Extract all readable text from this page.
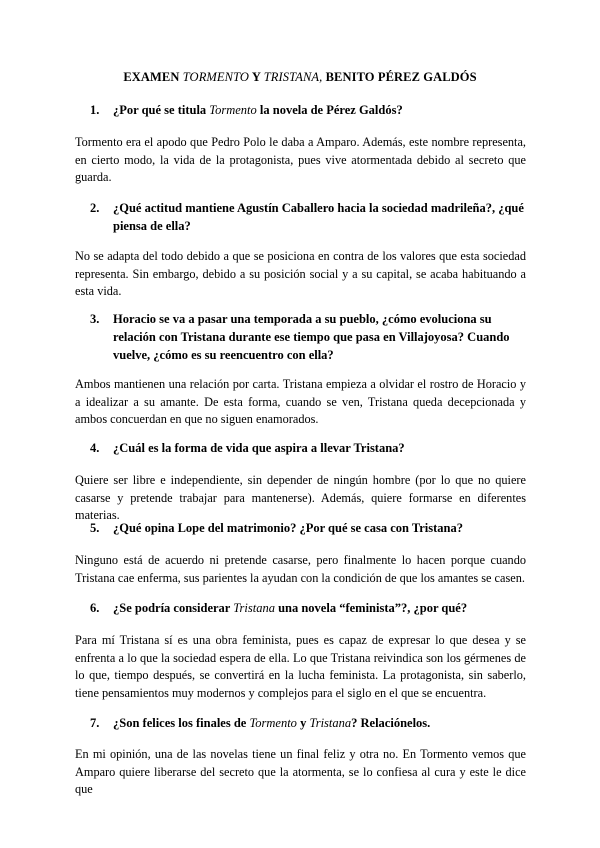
EXAMEN TORMENTO Y TRISTANA, BENITO PÉREZ GALDÓS
1.	¿Por qué se titula Tormento la novela de Pérez Galdós?
Tormento era el apodo que Pedro Polo le daba a Amparo. Además, este nombre representa, en cierto modo, la vida de la protagonista, pues vive atormentada debido al secreto que guarda.
2.	¿Qué actitud mantiene Agustín Caballero hacia la sociedad madrileña?, ¿qué piensa de ella?
No se adapta del todo debido a que se posiciona en contra de los valores que esta sociedad representa. Sin embargo, debido a su posición social y a su capital, se acaba habituando a esta vida.
3.	Horacio se va a pasar una temporada a su pueblo, ¿cómo evoluciona su relación con Tristana durante ese tiempo que pasa en Villajoyosa? Cuando vuelve, ¿cómo es su reencuentro con ella?
Ambos mantienen una relación por carta. Tristana empieza a olvidar el rostro de Horacio y a idealizar a su amante. De esta forma, cuando se ven, Tristana queda decepcionada y ambos concuerdan en que no siguen enamorados.
4.	¿Cuál es la forma de vida que aspira a llevar Tristana?
Quiere ser libre e independiente, sin depender de ningún hombre (por lo que no quiere casarse y pretende trabajar para mantenerse). Además, quiere formarse en diferentes materias.
5.	¿Qué opina Lope del matrimonio? ¿Por qué se casa con Tristana?
Ninguno está de acuerdo ni pretende casarse, pero finalmente lo hacen porque cuando Tristana cae enferma, sus parientes la ayudan con la condición de que los amantes se casen.
6.	¿Se podría considerar Tristana una novela “feminista”?, ¿por qué?
Para mí Tristana sí es una obra feminista, pues es capaz de expresar lo que desea y se enfrenta a lo que la sociedad espera de ella. Lo que Tristana reivindica son los gérmenes de lo que, tiempo después, se convertirá en la lucha feminista. La protagonista, sin saberlo, tiene pensamientos muy modernos y complejos para el siglo en el que se encuentra.
7.	¿Son felices los finales de Tormento y Tristana? Relaciónelos.
En mi opinión, una de las novelas tiene un final feliz y otra no. En Tormento vemos que Amparo quiere liberarse del secreto que la atormenta, se lo confiesa al cura y este le dice que
